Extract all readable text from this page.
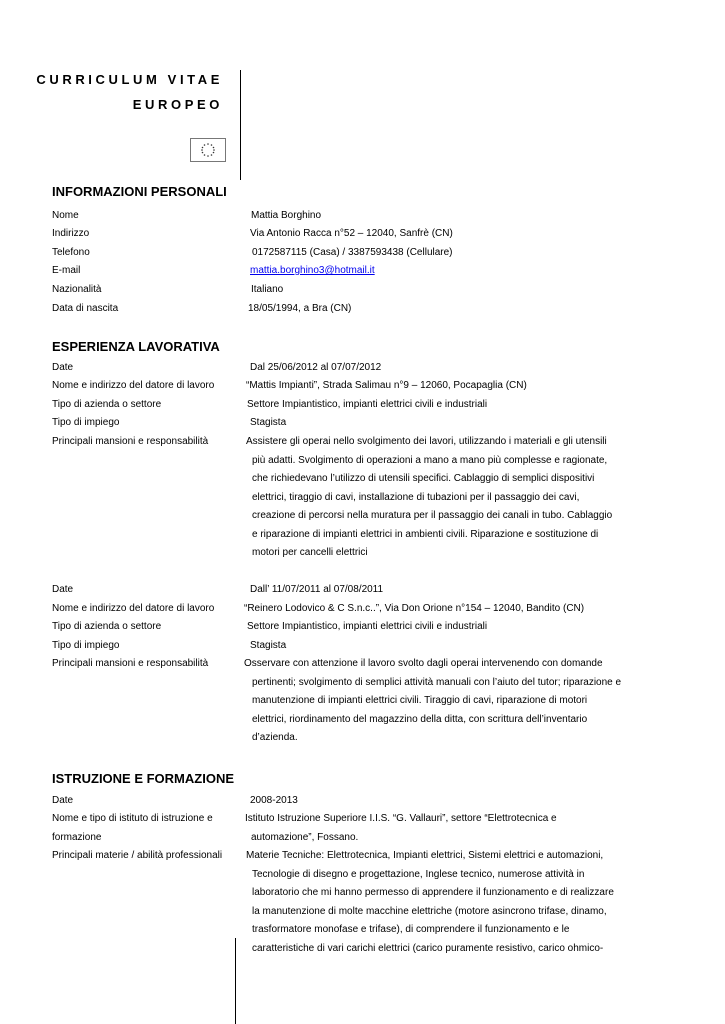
CURRICULUM VITAE
EUROPEO
INFORMAZIONI PERSONALI
Nome	Mattia Borghino
Indirizzo	Via Antonio Racca n°52 – 12040, Sanfrè (CN)
Telefono	0172587115 (Casa) / 3387593438 (Cellulare)
E-mail	mattia.borghino3@hotmail.it
Nazionalità	Italiano
Data di nascita	18/05/1994, a Bra (CN)
ESPERIENZA LAVORATIVA
Date	Dal 25/06/2012 al 07/07/2012
Nome e indirizzo del datore di lavoro	“Mattis Impianti”, Strada Salimau n°9 – 12060, Pocapaglia (CN)
Tipo di azienda o settore	Settore Impiantistico, impianti elettrici civili e industriali
Tipo di impiego	Stagista
Principali mansioni e responsabilità	Assistere gli operai nello svolgimento dei lavori, utilizzando i materiali e gli utensili
più adatti. Svolgimento di operazioni a mano a mano più complesse e ragionate,
che richiedevano l’utilizzo di utensili specifici. Cablaggio di semplici dispositivi
elettrici, tiraggio di cavi, installazione di tubazioni per il passaggio dei cavi,
creazione di percorsi nella muratura per il passaggio dei canali in tubo. Cablaggio
e riparazione di impianti elettrici in ambienti civili. Riparazione e sostituzione di
motori per cancelli elettrici
Date	Dall’ 11/07/2011 al 07/08/2011
Nome e indirizzo del datore di lavoro	“Reinero Lodovico & C S.n.c..”, Via Don Orione n°154 – 12040, Bandito (CN)
Tipo di azienda o settore	Settore Impiantistico, impianti elettrici civili e industriali
Tipo di impiego	Stagista
Principali mansioni e responsabilità	Osservare con attenzione il lavoro svolto dagli operai intervenendo con domande
pertinenti; svolgimento di semplici attività manuali con l’aiuto del tutor; riparazione e
manutenzione di impianti elettrici civili. Tiraggio di cavi, riparazione di motori
elettrici, riordinamento del magazzino della ditta, con scrittura dell’inventario
d’azienda.
ISTRUZIONE E FORMAZIONE
Date	2008-2013
Nome e tipo di istituto di istruzione e	Istituto Istruzione Superiore I.I.S. “G. Vallauri”, settore “Elettrotecnica e
formazione	automazione”, Fossano.
Principali materie / abilità professionali Materie Tecniche: Elettrotecnica, Impianti elettrici, Sistemi elettrici e automazioni,
Tecnologie di disegno e progettazione, Inglese tecnico, numerose attività in
laboratorio che mi hanno permesso di apprendere il funzionamento e di realizzare
la manutenzione di molte macchine elettriche (motore asincrono trifase, dinamo,
trasformatore monofase e trifase), di comprendere il funzionamento e le
caratteristiche di vari carichi elettrici (carico puramente resistivo, carico ohmico-
